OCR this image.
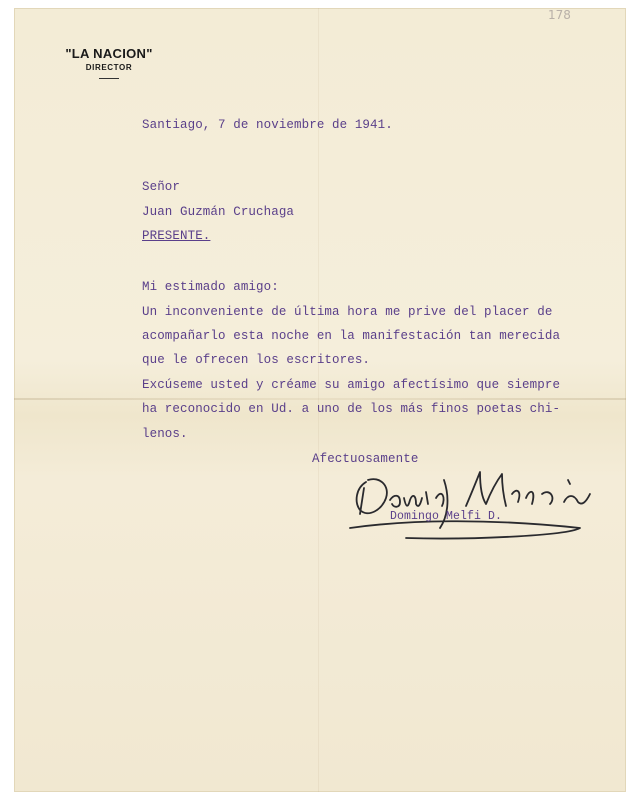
178
"LA NACION"
DIRECTOR
Santiago, 7 de noviembre de 1941.
Señor
Juan Guzmán Cruchaga
PRESENTE.
Mi estimado amigo:
Un inconveniente de última hora me prive del placer de
acompañarlo esta noche en la manifestación tan merecida
que le ofrecen los escritores.
Excúseme usted y créame su amigo afectísimo que siempre
ha reconocido en Ud. a uno de los más finos poetas chi-
lenos.
Afectuosamente
Domingo Melfi D.
